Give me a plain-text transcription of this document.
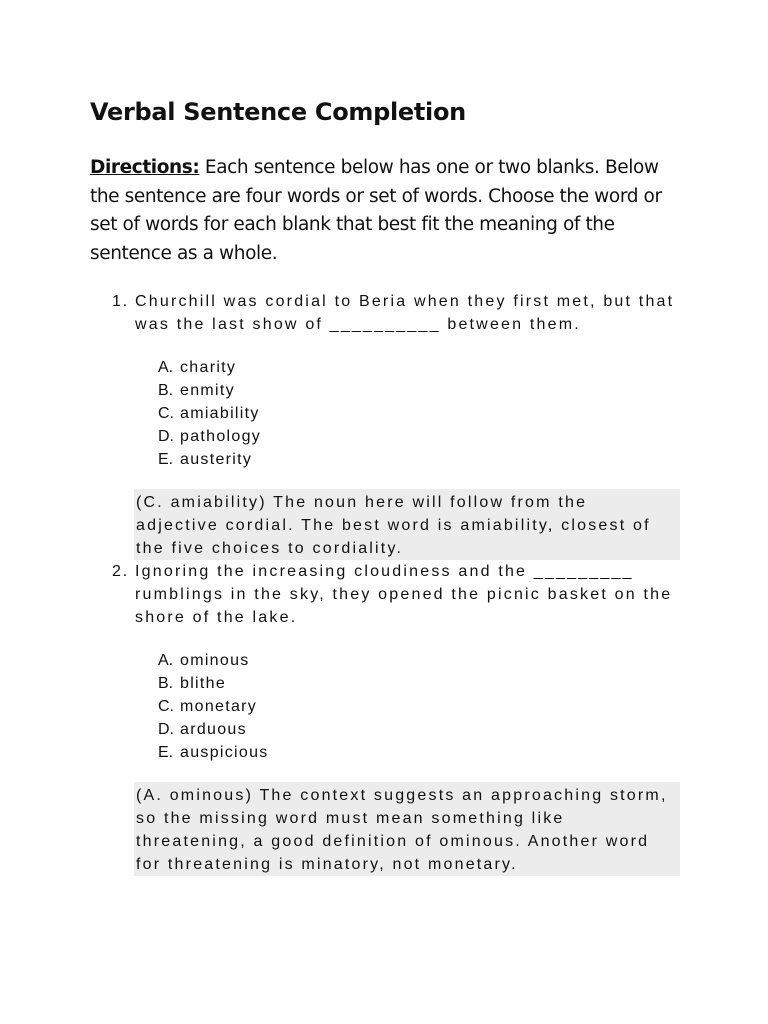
Verbal Sentence Completion

Directions: Each sentence below has one or two blanks. Below the sentence are four words or set of words. Choose the word or set of words for each blank that best fit the meaning of the sentence as a whole.

1. Churchill was cordial to Beria when they first met, but that was the last show of __________ between them.
A. charity
B. enmity
C. amiability
D. pathology
E. austerity
(C. amiability) The noun here will follow from the adjective cordial. The best word is amiability, closest of the five choices to cordiality.
2. Ignoring the increasing cloudiness and the _________ rumblings in the sky, they opened the picnic basket on the shore of the lake.
A. ominous
B. blithe
C. monetary
D. arduous
E. auspicious
(A. ominous) The context suggests an approaching storm, so the missing word must mean something like threatening, a good definition of ominous. Another word for threatening is minatory, not monetary.
